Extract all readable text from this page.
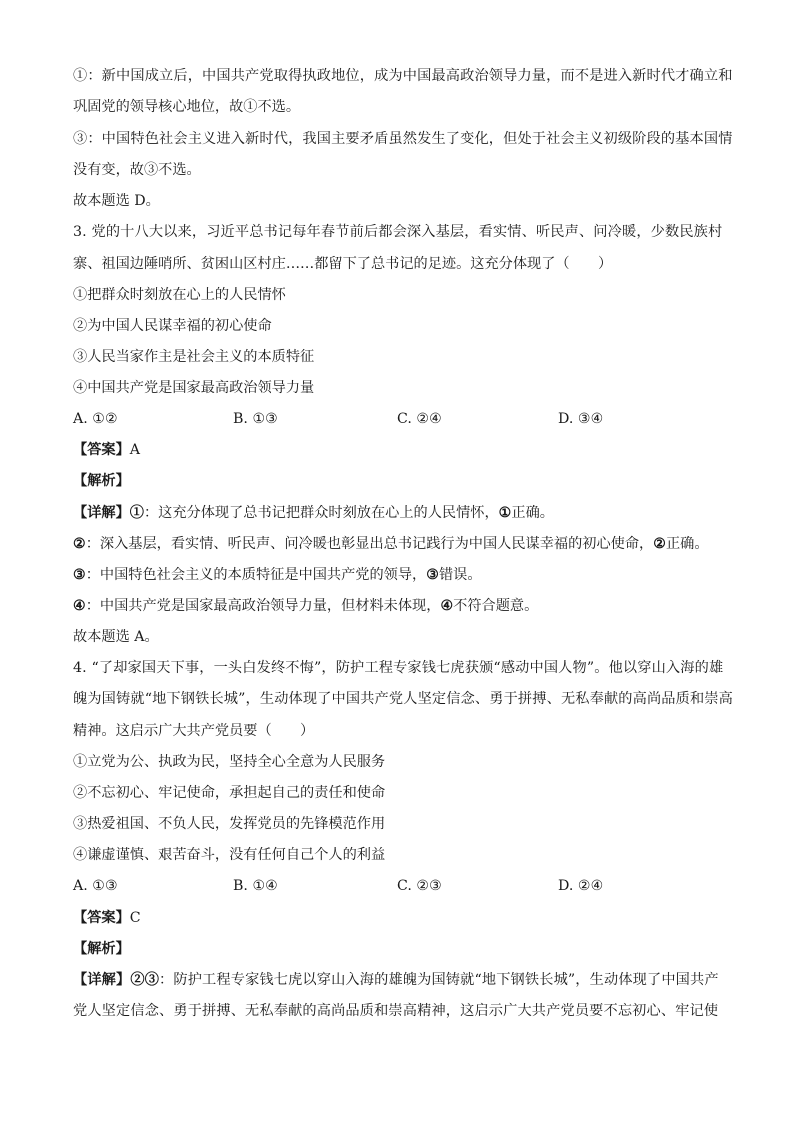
①：新中国成立后，中国共产党取得执政地位，成为中国最高政治领导力量，而不是进入新时代才确立和

巩固党的领导核心地位，故①不选。

③：中国特色社会主义进入新时代，我国主要矛盾虽然发生了变化，但处于社会主义初级阶段的基本国情

没有变，故③不选。

故本题选 D。

3. 党的十八大以来，习近平总书记每年春节前后都会深入基层，看实情、听民声、问冷暖，少数民族村

寨、祖国边陲哨所、贫困山区村庄……都留下了总书记的足迹。这充分体现了（　　）

①把群众时刻放在心上的人民情怀

②为中国人民谋幸福的初心使命

③人民当家作主是社会主义的本质特征

④中国共产党是国家最高政治领导力量

A. ①②	B. ①③	C. ②④	D. ③④

【答案】A

【解析】

【详解】①：这充分体现了总书记把群众时刻放在心上的人民情怀，①正确。

②：深入基层，看实情、听民声、问冷暖也彰显出总书记践行为中国人民谋幸福的初心使命，②正确。

③：中国特色社会主义的本质特征是中国共产党的领导，③错误。

④：中国共产党是国家最高政治领导力量，但材料未体现，④不符合题意。

故本题选 A。

4. “了却家国天下事，一头白发终不悔”，防护工程专家钱七虎获颁“感动中国人物”。他以穿山入海的雄

魄为国铸就“地下钢铁长城”，生动体现了中国共产党人坚定信念、勇于拼搏、无私奉献的高尚品质和崇高

精神。这启示广大共产党员要（　　）

①立党为公、执政为民，坚持全心全意为人民服务

②不忘初心、牢记使命，承担起自己的责任和使命

③热爱祖国、不负人民，发挥党员的先锋模范作用

④谦虚谨慎、艰苦奋斗，没有任何自己个人的利益

A. ①③	B. ①④	C. ②③	D. ②④

【答案】C

【解析】

【详解】②③：防护工程专家钱七虎以穿山入海的雄魄为国铸就“地下钢铁长城”，生动体现了中国共产

党人坚定信念、勇于拼搏、无私奉献的高尚品质和崇高精神，这启示广大共产党员要不忘初心、牢记使
